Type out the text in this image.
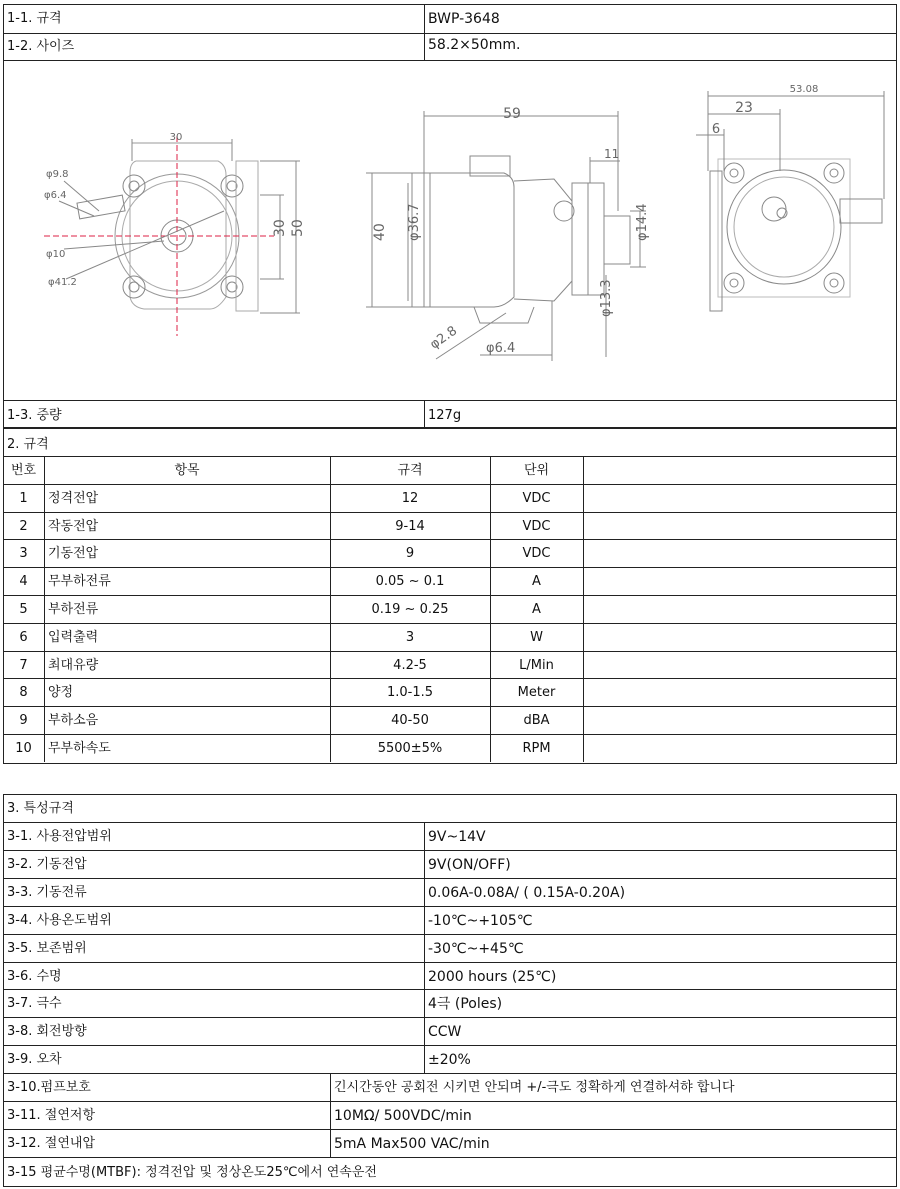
1-1. 규격	BWP-3648
1-2. 사이즈	58.2×50mm.
1-3. 중량	127g
30
φ9.8
φ6.4
φ10
φ41.2
30 50
59
11
40 φ36.7	φ14.4
φ13.3
φ2.8 φ6.4
53.08
23
6
2. 규격
번호	항목	규격	단위
1	정격전압	12	VDC
2	작동전압	9-14	VDC
3	기동전압	9	VDC
4	무부하전류	0.05 ~ 0.1	A
5	부하전류	0.19 ~ 0.25	A
6	입력출력	3	W
7	최대유량	4.2-5	L/Min
8	양정	1.0-1.5	Meter
9	부하소음	40-50	dBA
10	무부하속도	5500±5%	RPM
3. 특성규격
3-1. 사용전압범위	9V~14V
3-2. 기동전압	9V(ON/OFF)
3-3. 기동전류	0.06A-0.08A/ ( 0.15A-0.20A)
3-4. 사용온도범위	-10℃~+105℃
3-5. 보존범위	-30℃~+45℃
3-6. 수명	2000 hours (25℃)
3-7. 극수	4극 (Poles)
3-8. 회전방향	CCW
3-9. 오차	±20%
3-10.펌프보호	긴시간동안 공회전 시키면 안되며 +/-극도 정확하게 연결하셔햐 합니다
3-11. 절연저항	10MΩ/ 500VDC/min
3-12. 절연내압	5mA Max500 VAC/min
3-15 평균수명(MTBF): 정격전압 및 정상온도25℃에서 연속운전
